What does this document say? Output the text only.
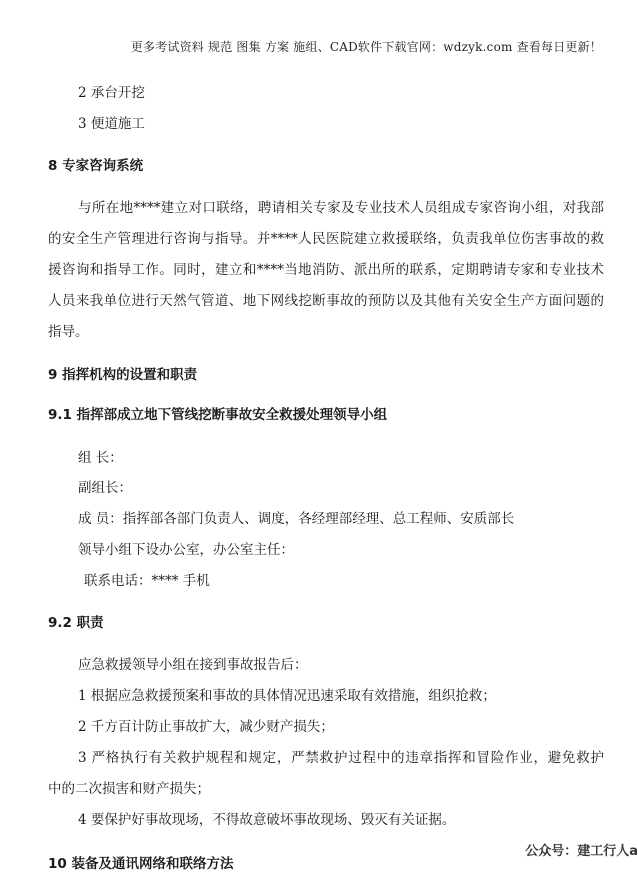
更多考试资料 规范 图集 方案 施组、CAD软件下载官网：wdzyk.com 查看每日更新！
2 承台开挖
3 便道施工
8 专家咨询系统
与所在地****建立对口联络，聘请相关专家及专业技术人员组成专家咨询小组，对我部
的安全生产管理进行咨询与指导。并****人民医院建立救援联络，负责我单位伤害事故的救
援咨询和指导工作。同时，建立和****当地消防、派出所的联系，定期聘请专家和专业技术
人员来我单位进行天然气管道、地下网线挖断事故的预防以及其他有关安全生产方面问题的
指导。
9 指挥机构的设置和职责
9.1 指挥部成立地下管线挖断事故安全救援处理领导小组
组 长：
副组长：
成 员：指挥部各部门负责人、调度，各经理部经理、总工程师、安质部长
领导小组下设办公室，办公室主任：
联系电话：**** 手机
9.2 职责
应急救援领导小组在接到事故报告后：
1 根据应急救援预案和事故的具体情况迅速采取有效措施，组织抢救；
2 千方百计防止事故扩大，减少财产损失；
3 严格执行有关救护规程和规定，严禁救护过程中的违章指挥和冒险作业，避免救护
中的二次损害和财产损失；
4 要保护好事故现场，不得故意破坏事故现场、毁灭有关证据。
10 装备及通讯网络和联络方法
公众号：建工行人a
